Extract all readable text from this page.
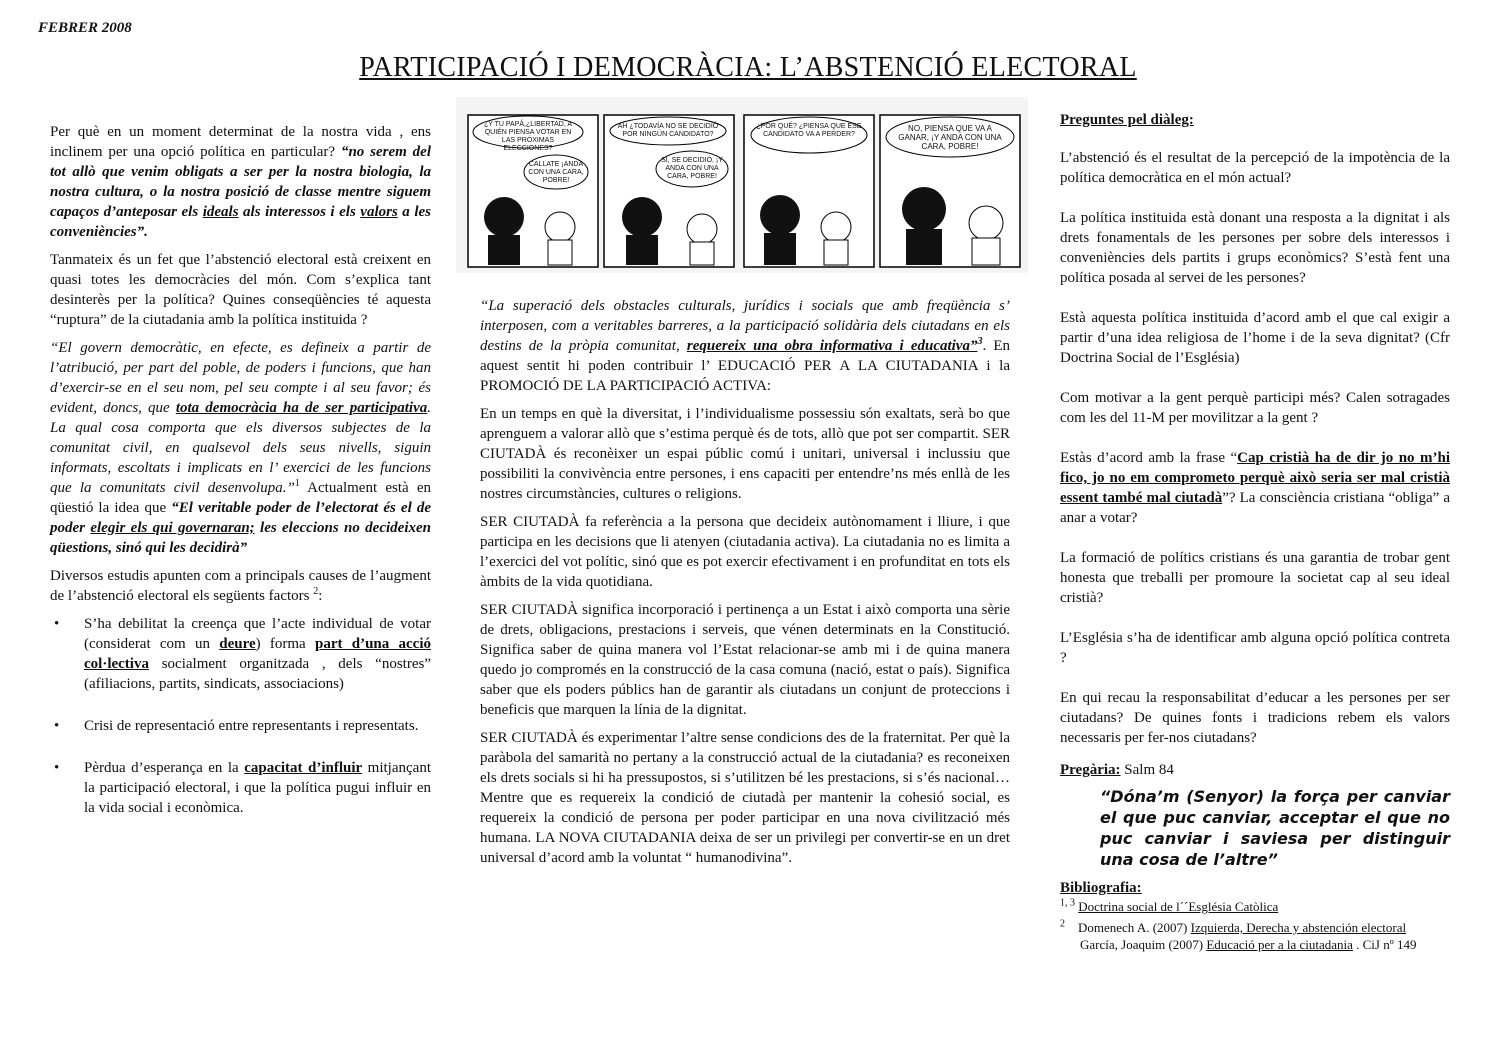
FEBRER 2008
PARTICIPACIÓ I DEMOCRÀCIA: L’ABSTENCIÓ ELECTORAL

Per què en un moment determinat de la nostra vida , ens inclinem per una opció política en particular? “no serem del tot allò que venim obligats a ser per la nostra biologia, la nostra cultura, o la nostra posició de classe mentre siguem capaços d’anteposar els ideals als interessos i els valors a les conveniències”.

Tanmateix és un fet que l’abstenció electoral està creixent en quasi totes les democràcies del món. Com s’explica tant desinterès per la política? Quines conseqüències té aquesta “ruptura” de la ciutadania amb la política instituida ?

“El govern democràtic, en efecte, es defineix a partir de l’atribució, per part del poble, de poders i funcions, que han d’exercir-se en el seu nom, pel seu compte i al seu favor; és evident, doncs, que tota democràcia ha de ser participativa. La qual cosa comporta que els diversos subjectes de la comunitat civil, en qualsevol dels seus nivells, siguin informats, escoltats i implicats en l’ exercici de les funcions que la comunitats civil desenvolupa.”$^1$ Actualment està en qüestió la idea que “El veritable poder de l’electorat és el de poder elegir els qui governaran; les eleccions no decideixen qüestions, sinó qui les decidirà”

Diversos estudis apunten com a principals causes de l’augment de l’abstenció electoral els següents factors $^2$:

• S’ha debilitat la creença que l’acte individual de votar (considerat com un deure) forma part d’una acció col·lectiva socialment organitzada , dels “nostres” (afiliacions, partits, sindicats, associacions)
• Crisi de representació entre representants i representats.
• Pèrdua d’esperança en la capacitat d’influir mitjançant la participació electoral, i que la política pugui influir en la vida social i econòmica.
¿Y TU PAPÁ,¿LIBERTAD, A QUIÉN PIENSA VOTAR EN LAS PRÓXIMAS ELECCIONES?
CALLATE ¡ANDA CON UNA CARA, POBRE!
AH ¿TODAVÍA NO SE DECIDIÓ POR NINGÚN CANDIDATO?
SÍ, SE DECIDIÓ, ¡Y ANDA CON UNA CARA, POBRE!
¿POR QUÉ? ¿PIENSA QUE ESE CANDIDATO VA A PERDER?
NO, PIENSA QUE VA A GANAR, ¡Y ANDA CON UNA CARA, POBRE!

“La superació dels obstacles culturals, jurídics i socials que amb freqüència s’ interposen, com a veritables barreres, a la participació solidària dels ciutadans en els destins de la pròpia comunitat, requereix una obra informativa i educativa”$^3$. En aquest sentit hi poden contribuir l’ EDUCACIÓ PER A LA CIUTADANIA i la PROMOCIÓ DE LA PARTICIPACIÓ ACTIVA:

En un temps en què la diversitat, i l’individualisme possessiu són exaltats, serà bo que aprenguem a valorar allò que s’estima perquè és de tots, allò que pot ser compartit. SER CIUTADÀ és reconèixer un espai públic comú i unitari, universal i inclussiu que possibiliti la convivència entre persones, i ens capaciti per entendre’ns més enllà de les nostres circumstàncies, cultures o religions.

SER CIUTADÀ fa referència a la persona que decideix autònomament i lliure, i que participa en les decisions que li atenyen (ciutadania activa). La ciutadania no es limita a l’exercici del vot polític, sinó que es pot exercir efectivament i en profunditat en tots els àmbits de la vida quotidiana.

SER CIUTADÀ significa incorporació i pertinença a un Estat i això comporta una sèrie de drets, obligacions, prestacions i serveis, que vénen determinats en la Constitució. Significa saber de quina manera vol l’Estat relacionar-se amb mi i de quina manera quedo jo compromés en la construcció de la casa comuna (nació, estat o país). Significa saber que els poders públics han de garantir als ciutadans un conjunt de proteccions i beneficis que marquen la línia de la dignitat.

SER CIUTADÀ és experimentar l’altre sense condicions des de la fraternitat. Per què la paràbola del samarità no pertany a la construcció actual de la ciutadania? es reconeixen els drets socials si hi ha pressupostos, si s’utilitzen bé les prestacions, si s’és nacional…Mentre que es requereix la condició de ciutadà per mantenir la cohesió social, es requereix la condició de persona per poder participar en una nova civilització més humana. LA NOVA CIUTADANIA deixa de ser un privilegi per convertir-se en un dret universal d’acord amb la voluntat “ humanodivina”.

Preguntes pel diàleg:

L’abstenció és el resultat de la percepció de la impotència de la política democràtica en el món actual?

La política instituida està donant una resposta a la dignitat i als drets fonamentals de les persones per sobre dels interessos i conveniències dels partits i grups econòmics? S’està fent una política posada al servei de les persones?

Està aquesta política instituida d’acord amb el que cal exigir a partir d’una idea religiosa de l’home i de la seva dignitat? (Cfr Doctrina Social de l’Església)

Com motivar a la gent perquè participi més? Calen sotragades com les del 11-M per movilitzar a la gent ?

Estàs d’acord amb la frase “Cap cristià ha de dir jo no m’hi fico, jo no em comprometo perquè això seria ser mal cristià essent també mal ciutadà”? La consciència cristiana “obliga” a anar a votar?

La formació de polítics cristians és una garantia de trobar gent honesta que treballi per promoure la societat cap al seu ideal cristià?

L’Església s’ha de identificar amb alguna opció política contreta ?

En qui recau la responsabilitat d’educar a les persones per ser ciutadans? De quines fonts i tradicions rebem els valors necessaris per fer-nos ciutadans?

Pregària: Salm 84

“Dóna’m (Senyor) la força per canviar el que puc canviar, acceptar el que no puc canviar i saviesa per distinguir una cosa de l’altre”

Bibliografia:

$^{1, 3}$ Doctrina social de l´´Església Catòlica
$^2$ Domenech A. (2007) Izquierda, Derecha y abstención electoral
García, Joaquim (2007) Educació per a la ciutadania . CiJ nº 149
